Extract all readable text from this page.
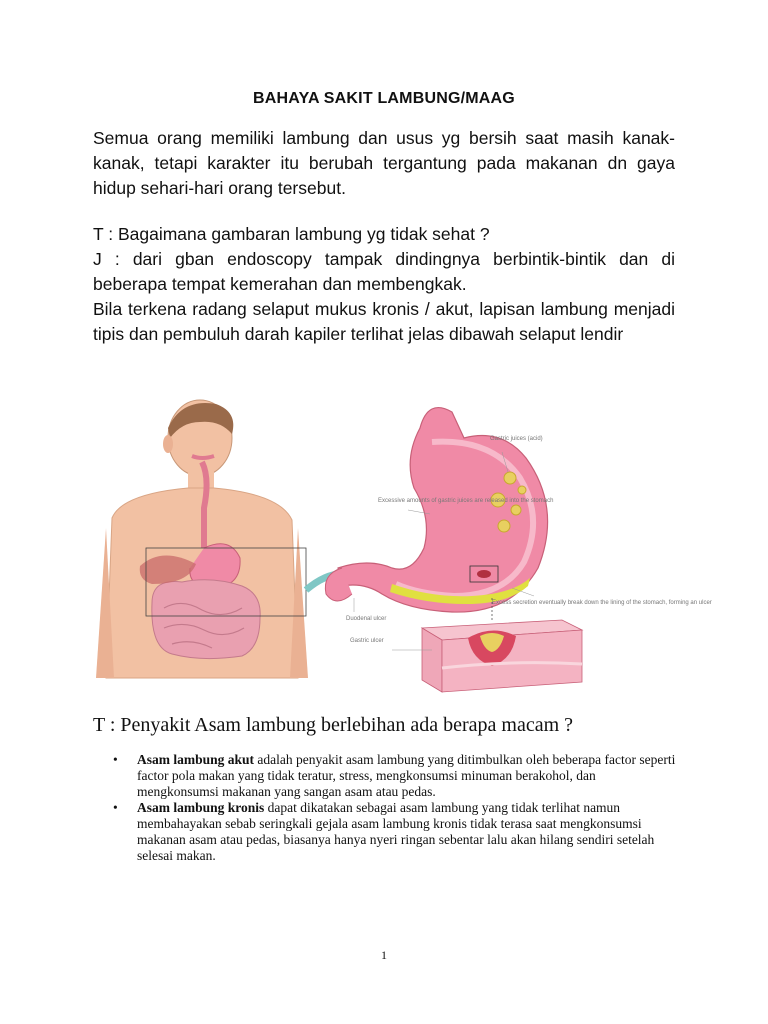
BAHAYA SAKIT LAMBUNG/MAAG

Semua orang memiliki lambung dan usus yg bersih saat masih kanak-kanak, tetapi karakter itu berubah tergantung pada makanan dn gaya hidup sehari-hari orang tersebut.

T : Bagaimana gambaran lambung yg tidak sehat ?

J : dari gban endoscopy tampak dindingnya berbintik-bintik dan di beberapa tempat kemerahan dan membengkak.

Bila terkena radang selaput mukus kronis / akut, lapisan lambung menjadi tipis dan pembuluh darah kapiler terlihat jelas dibawah selaput lendir

Gastric juices (acid)
Excessive amounts of gastric juices are released into the stomach
Duodenal ulcer
Excess secretion eventually break down the lining of the stomach, forming an ulcer
Gastric ulcer
T : Penyakit Asam lambung berlebihan ada berapa macam ?
• Asam lambung akut adalah penyakit asam lambung yang ditimbulkan oleh beberapa factor seperti factor pola makan yang tidak teratur, stress, mengkonsumsi minuman berakohol, dan mengkonsumsi makanan yang sangan asam atau pedas.
• Asam lambung kronis dapat dikatakan sebagai asam lambung yang tidak terlihat namun membahayakan sebab seringkali gejala asam lambung kronis tidak terasa saat mengkonsumsi makanan asam atau pedas, biasanya hanya nyeri ringan sebentar lalu akan hilang sendiri setelah selesai makan.
1
